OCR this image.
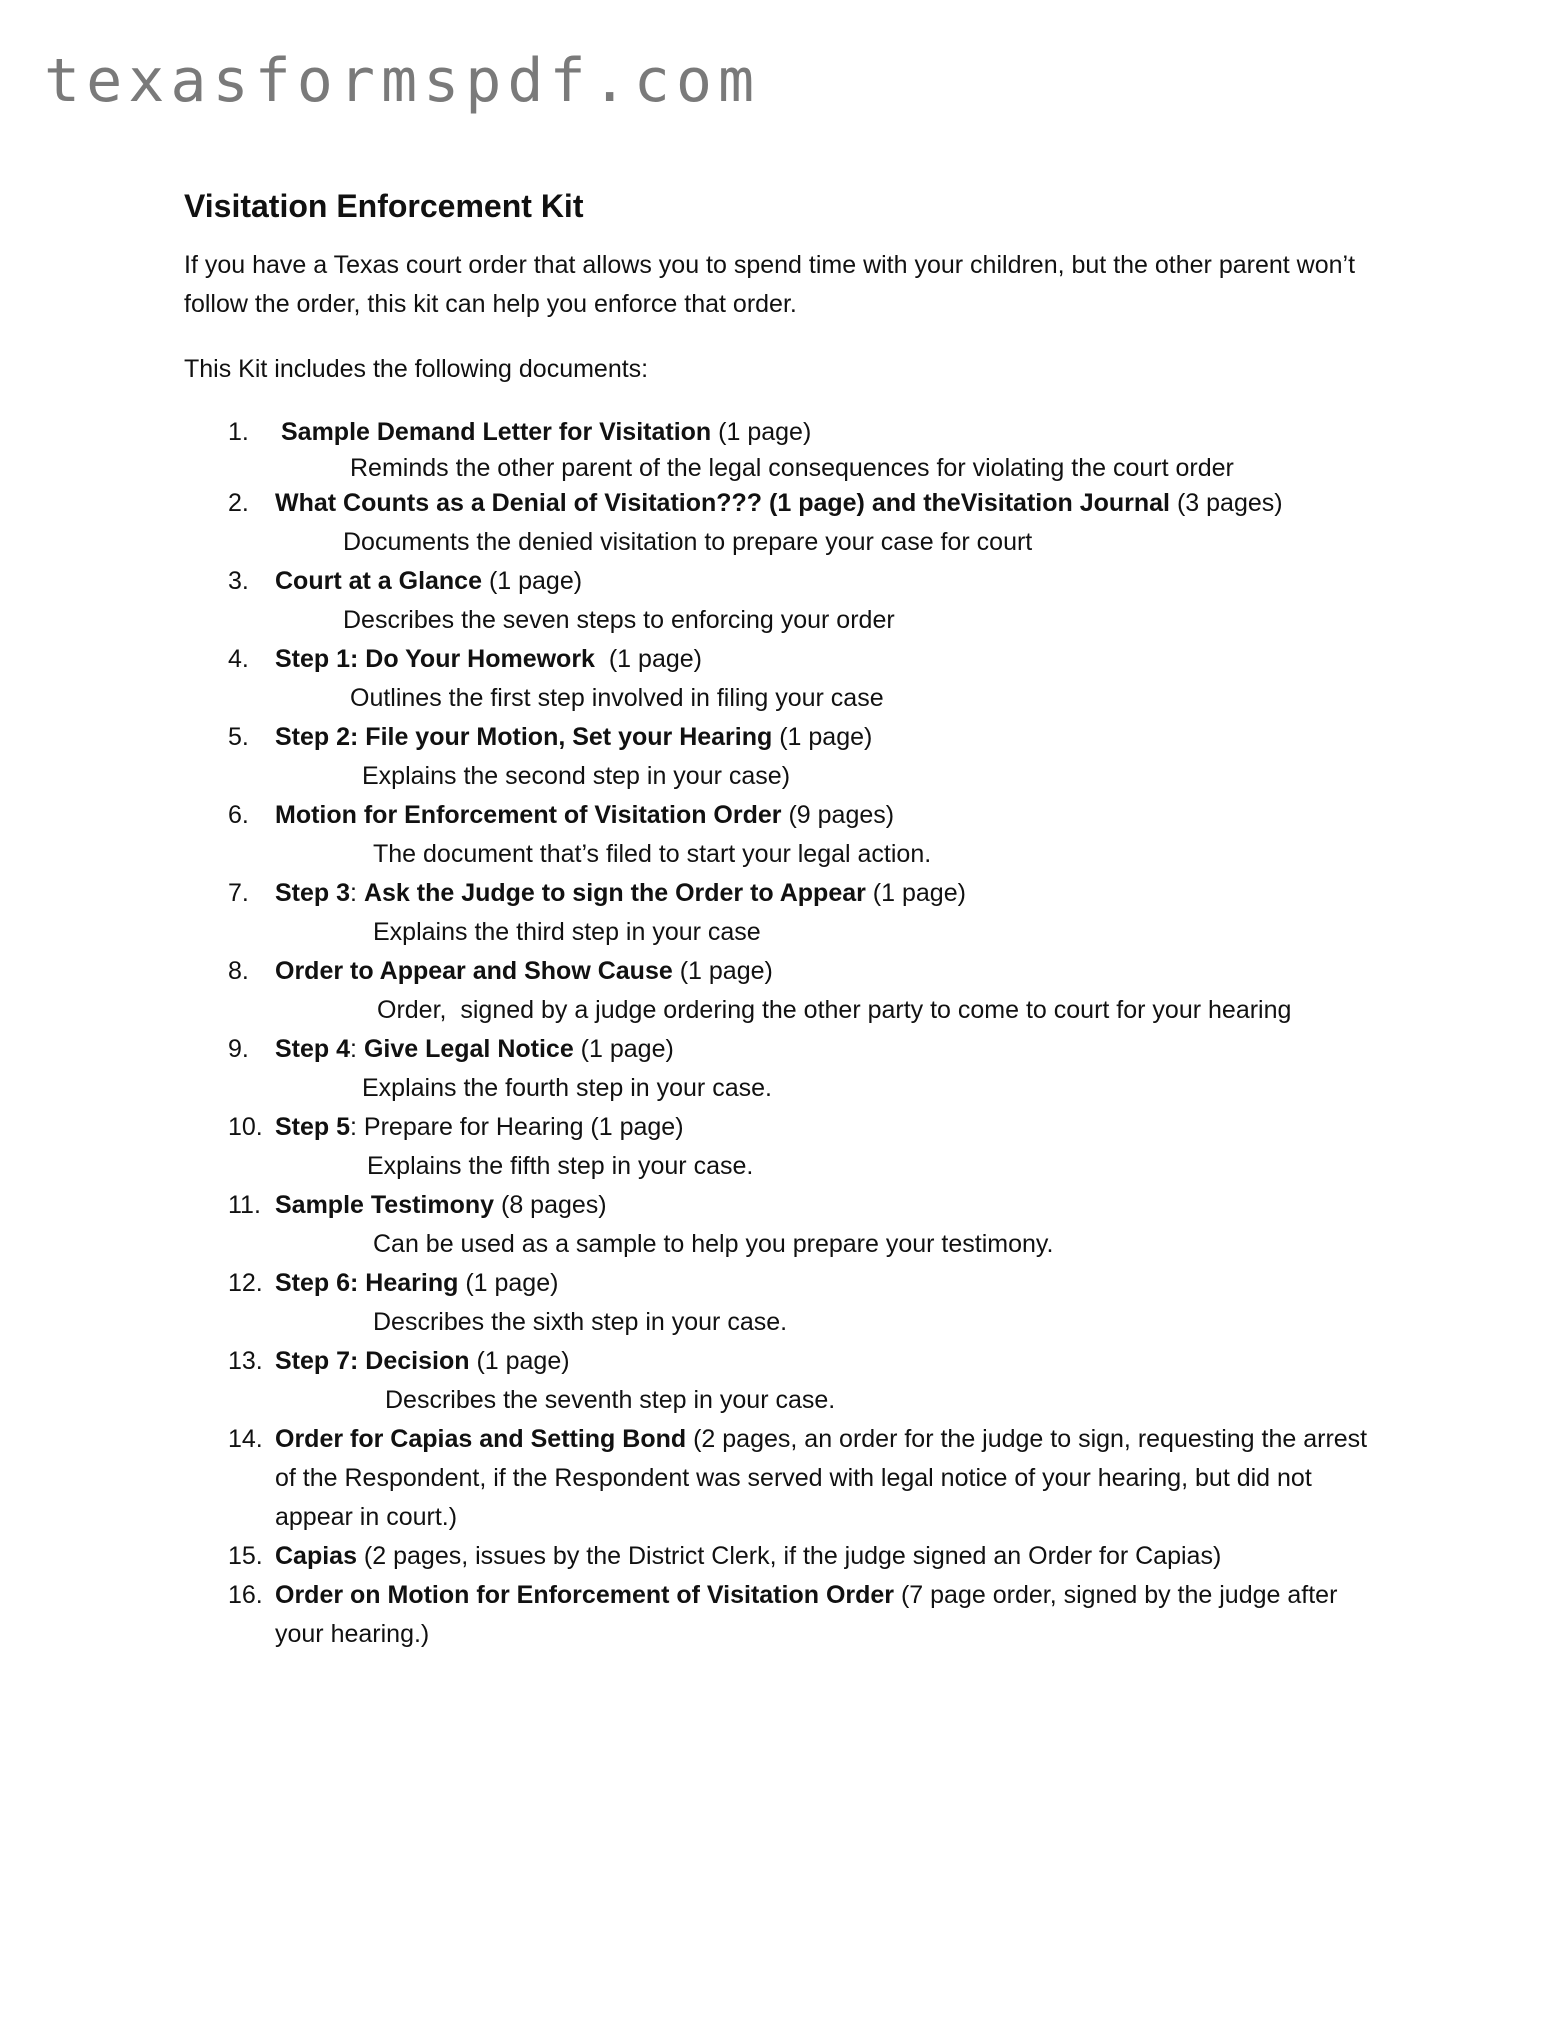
texasformspdf.com
Visitation Enforcement Kit

If you have a Texas court order that allows you to spend time with your children, but the other parent won’t follow the order, this kit can help you enforce that order.

This Kit includes the following documents:

1. Sample Demand Letter for Visitation (1 page)
Reminds the other parent of the legal consequences for violating the court order
2. What Counts as a Denial of Visitation??? (1 page) and theVisitation Journal (3 pages)
Documents the denied visitation to prepare your case for court
3. Court at a Glance (1 page)
Describes the seven steps to enforcing your order
4. Step 1: Do Your Homework  (1 page)
Outlines the first step involved in filing your case
5. Step 2: File your Motion, Set your Hearing (1 page)
Explains the second step in your case)
6. Motion for Enforcement of Visitation Order (9 pages)
The document that’s filed to start your legal action.
7. Step 3: Ask the Judge to sign the Order to Appear (1 page)
Explains the third step in your case
8. Order to Appear and Show Cause (1 page)
Order,  signed by a judge ordering the other party to come to court for your hearing
9. Step 4: Give Legal Notice (1 page)
Explains the fourth step in your case.
10. Step 5: Prepare for Hearing (1 page)
Explains the fifth step in your case.
11. Sample Testimony (8 pages)
Can be used as a sample to help you prepare your testimony.
12. Step 6: Hearing (1 page)
Describes the sixth step in your case.
13. Step 7: Decision (1 page)
Describes the seventh step in your case.
14. Order for Capias and Setting Bond (2 pages, an order for the judge to sign, requesting the arrest of the Respondent, if the Respondent was served with legal notice of your hearing, but did not appear in court.)
15. Capias (2 pages, issues by the District Clerk, if the judge signed an Order for Capias)
16. Order on Motion for Enforcement of Visitation Order (7 page order, signed by the judge after your hearing.)
